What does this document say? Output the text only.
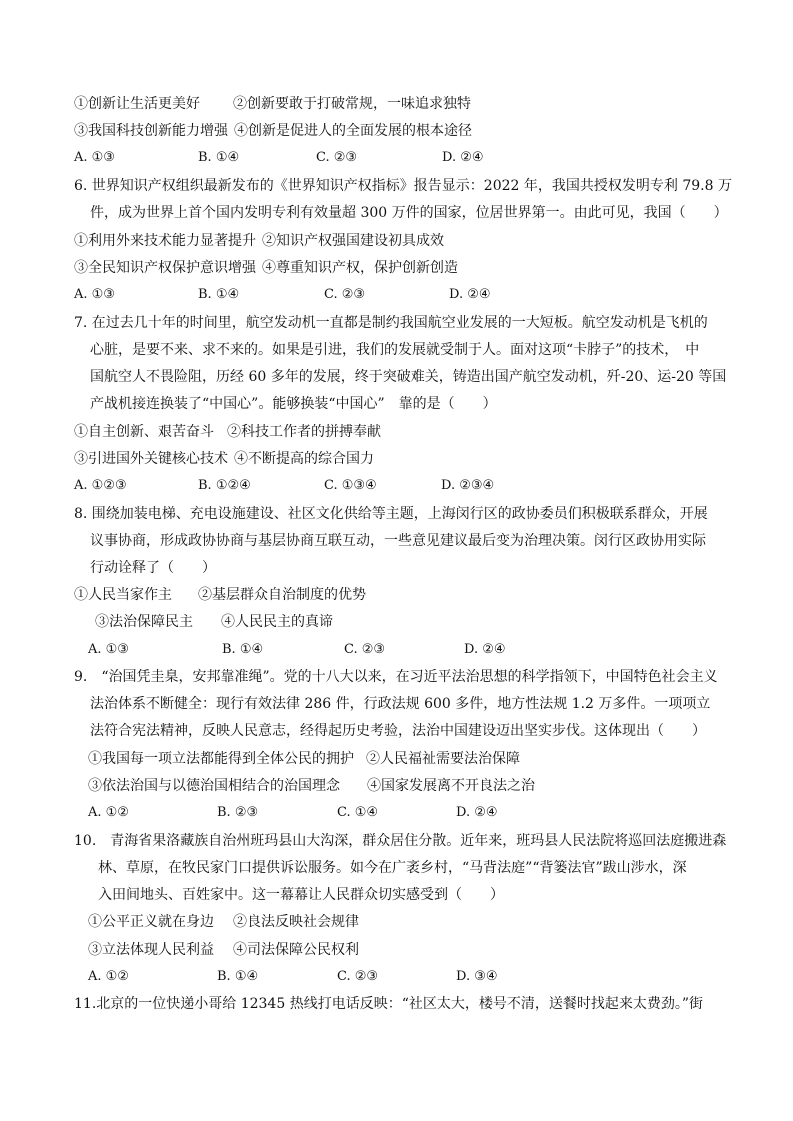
①创新让生活更美好 ②创新要敢于打破常规，一味追求独特
③我国科技创新能力增强 ④创新是促进人的全面发展的根本途径
A. ①③	B. ①④	C. ②③	D. ②④
6. 世界知识产权组织最新发布的《世界知识产权指标》报告显示：2022 年，我国共授权发明专利 79.8 万
件，成为世界上首个国内发明专利有效量超 300 万件的国家，位居世界第一。由此可见，我国（　　）
①利用外来技术能力显著提升 ②知识产权强国建设初具成效
③全民知识产权保护意识增强 ④尊重知识产权，保护创新创造
A. ①③	B. ①④	C. ②③	D. ②④
7. 在过去几十年的时间里，航空发动机一直都是制约我国航空业发展的一大短板。航空发动机是飞机的
心脏，是要不来、求不来的。如果是引进，我们的发展就受制于人。面对这项“卡脖子”的技术，　中
国航空人不畏险阻，历经 60 多年的发展，终于突破难关，铸造出国产航空发动机，歼-20、运-20 等国
产战机接连换装了“中国心”。能够换装“中国心”　靠的是（　　）
①自主创新、艰苦奋斗 ②科技工作者的拼搏奉献
③引进国外关键核心技术 ④不断提高的综合国力
A. ①②③	B. ①②④	C. ①③④	D. ②③④
8. 围绕加装电梯、充电设施建设、社区文化供给等主题，上海闵行区的政协委员们积极联系群众，开展
议事协商，形成政协协商与基层协商互联互动，一些意见建议最后变为治理决策。闵行区政协用实际
行动诠释了（　　）
①人民当家作主 ②基层群众自治制度的优势
③法治保障民主 ④人民民主的真谛
A. ①③	B. ①④	C. ②③	D. ②④
9.　“治国凭圭臬，安邦靠准绳”。党的十八大以来，在习近平法治思想的科学指领下，中国特色社会主义
法治体系不断健全：现行有效法律 286 件，行政法规 600 多件，地方性法规 1.2 万多件。一项项立
法符合宪法精神，反映人民意志，经得起历史考验，法治中国建设迈出坚实步伐。这体现出（　　）
①我国每一项立法都能得到全体公民的拥护 ②人民福祉需要法治保障
③依法治国与以德治国相结合的治国理念 ④国家发展离不开良法之治
A. ①②	B. ②③	C. ①④	D. ②④
10.　青海省果洛藏族自治州班玛县山大沟深，群众居住分散。近年来，班玛县人民法院将巡回法庭搬进森
林、草原，在牧民家门口提供诉讼服务。如今在广袤乡村，“马背法庭”“背篓法官”跋山涉水，深
入田间地头、百姓家中。这一幕幕让人民群众切实感受到（　　）
①公平正义就在身边 ②良法反映社会规律
③立法体现人民利益 ④司法保障公民权利
A. ①②	B. ①④	C. ②③	D. ③④
11.北京的一位快递小哥给 12345 热线打电话反映：“社区太大，楼号不清，送餐时找起来太费劲。”街
